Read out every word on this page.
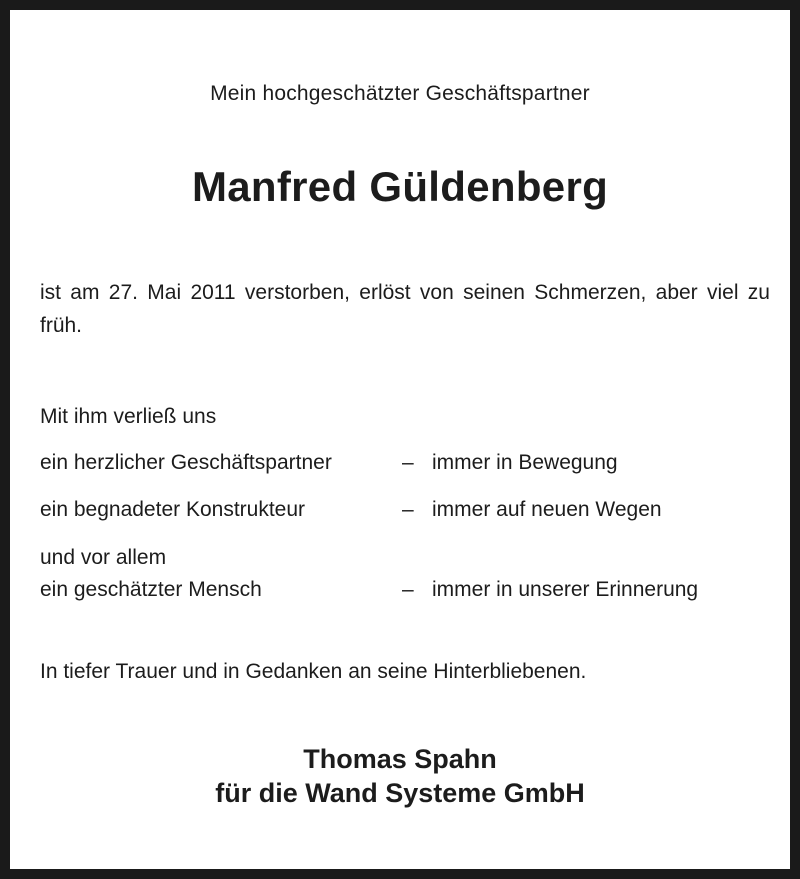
Mein hochgeschätzter Geschäftspartner
Manfred Güldenberg
ist am 27. Mai 2011 verstorben, erlöst von seinen Schmerzen, aber viel zu früh.
Mit ihm verließ uns
ein herzlicher Geschäftspartner	– immer in Bewegung
ein begnadeter Konstrukteur	– immer auf neuen Wegen
und vor allem
ein geschätzter Mensch	– immer in unserer Erinnerung
In tiefer Trauer und in Gedanken an seine Hinterbliebenen.
Thomas Spahn
für die Wand Systeme GmbH
